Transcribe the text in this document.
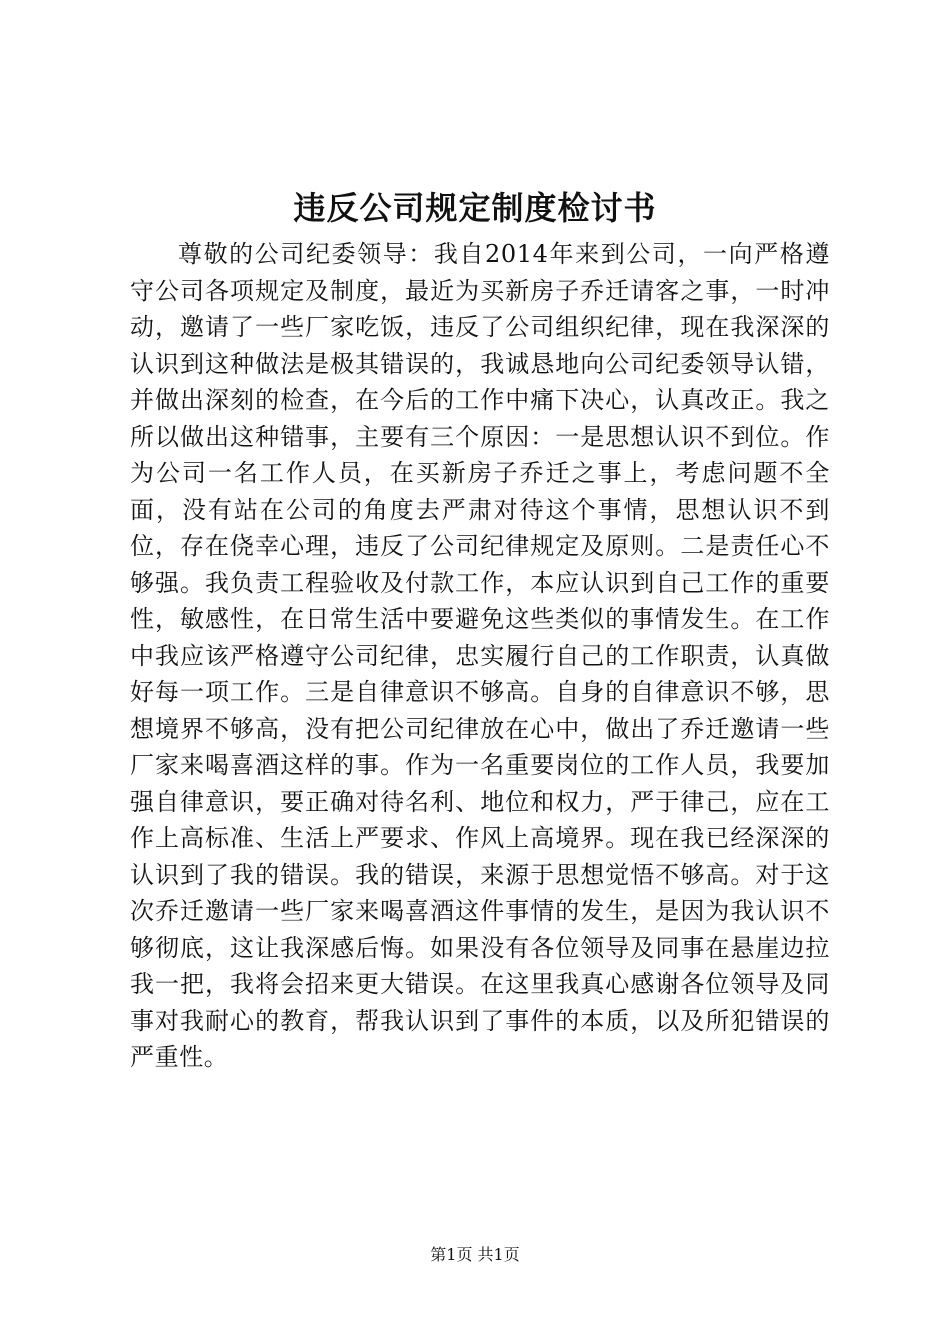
违反公司规定制度检讨书

尊敬的公司纪委领导：我自2014年来到公司，一向严格遵守公司各项规定及制度，最近为买新房子乔迁请客之事，一时冲动，邀请了一些厂家吃饭，违反了公司组织纪律，现在我深深的认识到这种做法是极其错误的，我诚恳地向公司纪委领导认错，并做出深刻的检查，在今后的工作中痛下决心，认真改正。我之所以做出这种错事，主要有三个原因：一是思想认识不到位。作为公司一名工作人员，在买新房子乔迁之事上，考虑问题不全面，没有站在公司的角度去严肃对待这个事情，思想认识不到位，存在侥幸心理，违反了公司纪律规定及原则。二是责任心不够强。我负责工程验收及付款工作，本应认识到自己工作的重要性，敏感性，在日常生活中要避免这些类似的事情发生。在工作中我应该严格遵守公司纪律，忠实履行自己的工作职责，认真做好每一项工作。三是自律意识不够高。自身的自律意识不够，思想境界不够高，没有把公司纪律放在心中，做出了乔迁邀请一些厂家来喝喜酒这样的事。作为一名重要岗位的工作人员，我要加强自律意识，要正确对待名利、地位和权力，严于律己，应在工作上高标准、生活上严要求、作风上高境界。现在我已经深深的认识到了我的错误。我的错误，来源于思想觉悟不够高。对于这次乔迁邀请一些厂家来喝喜酒这件事情的发生，是因为我认识不够彻底，这让我深感后悔。如果没有各位领导及同事在悬崖边拉我一把，我将会招来更大错误。在这里我真心感谢各位领导及同事对我耐心的教育，帮我认识到了事件的本质，以及所犯错误的严重性。

第1页 共1页
